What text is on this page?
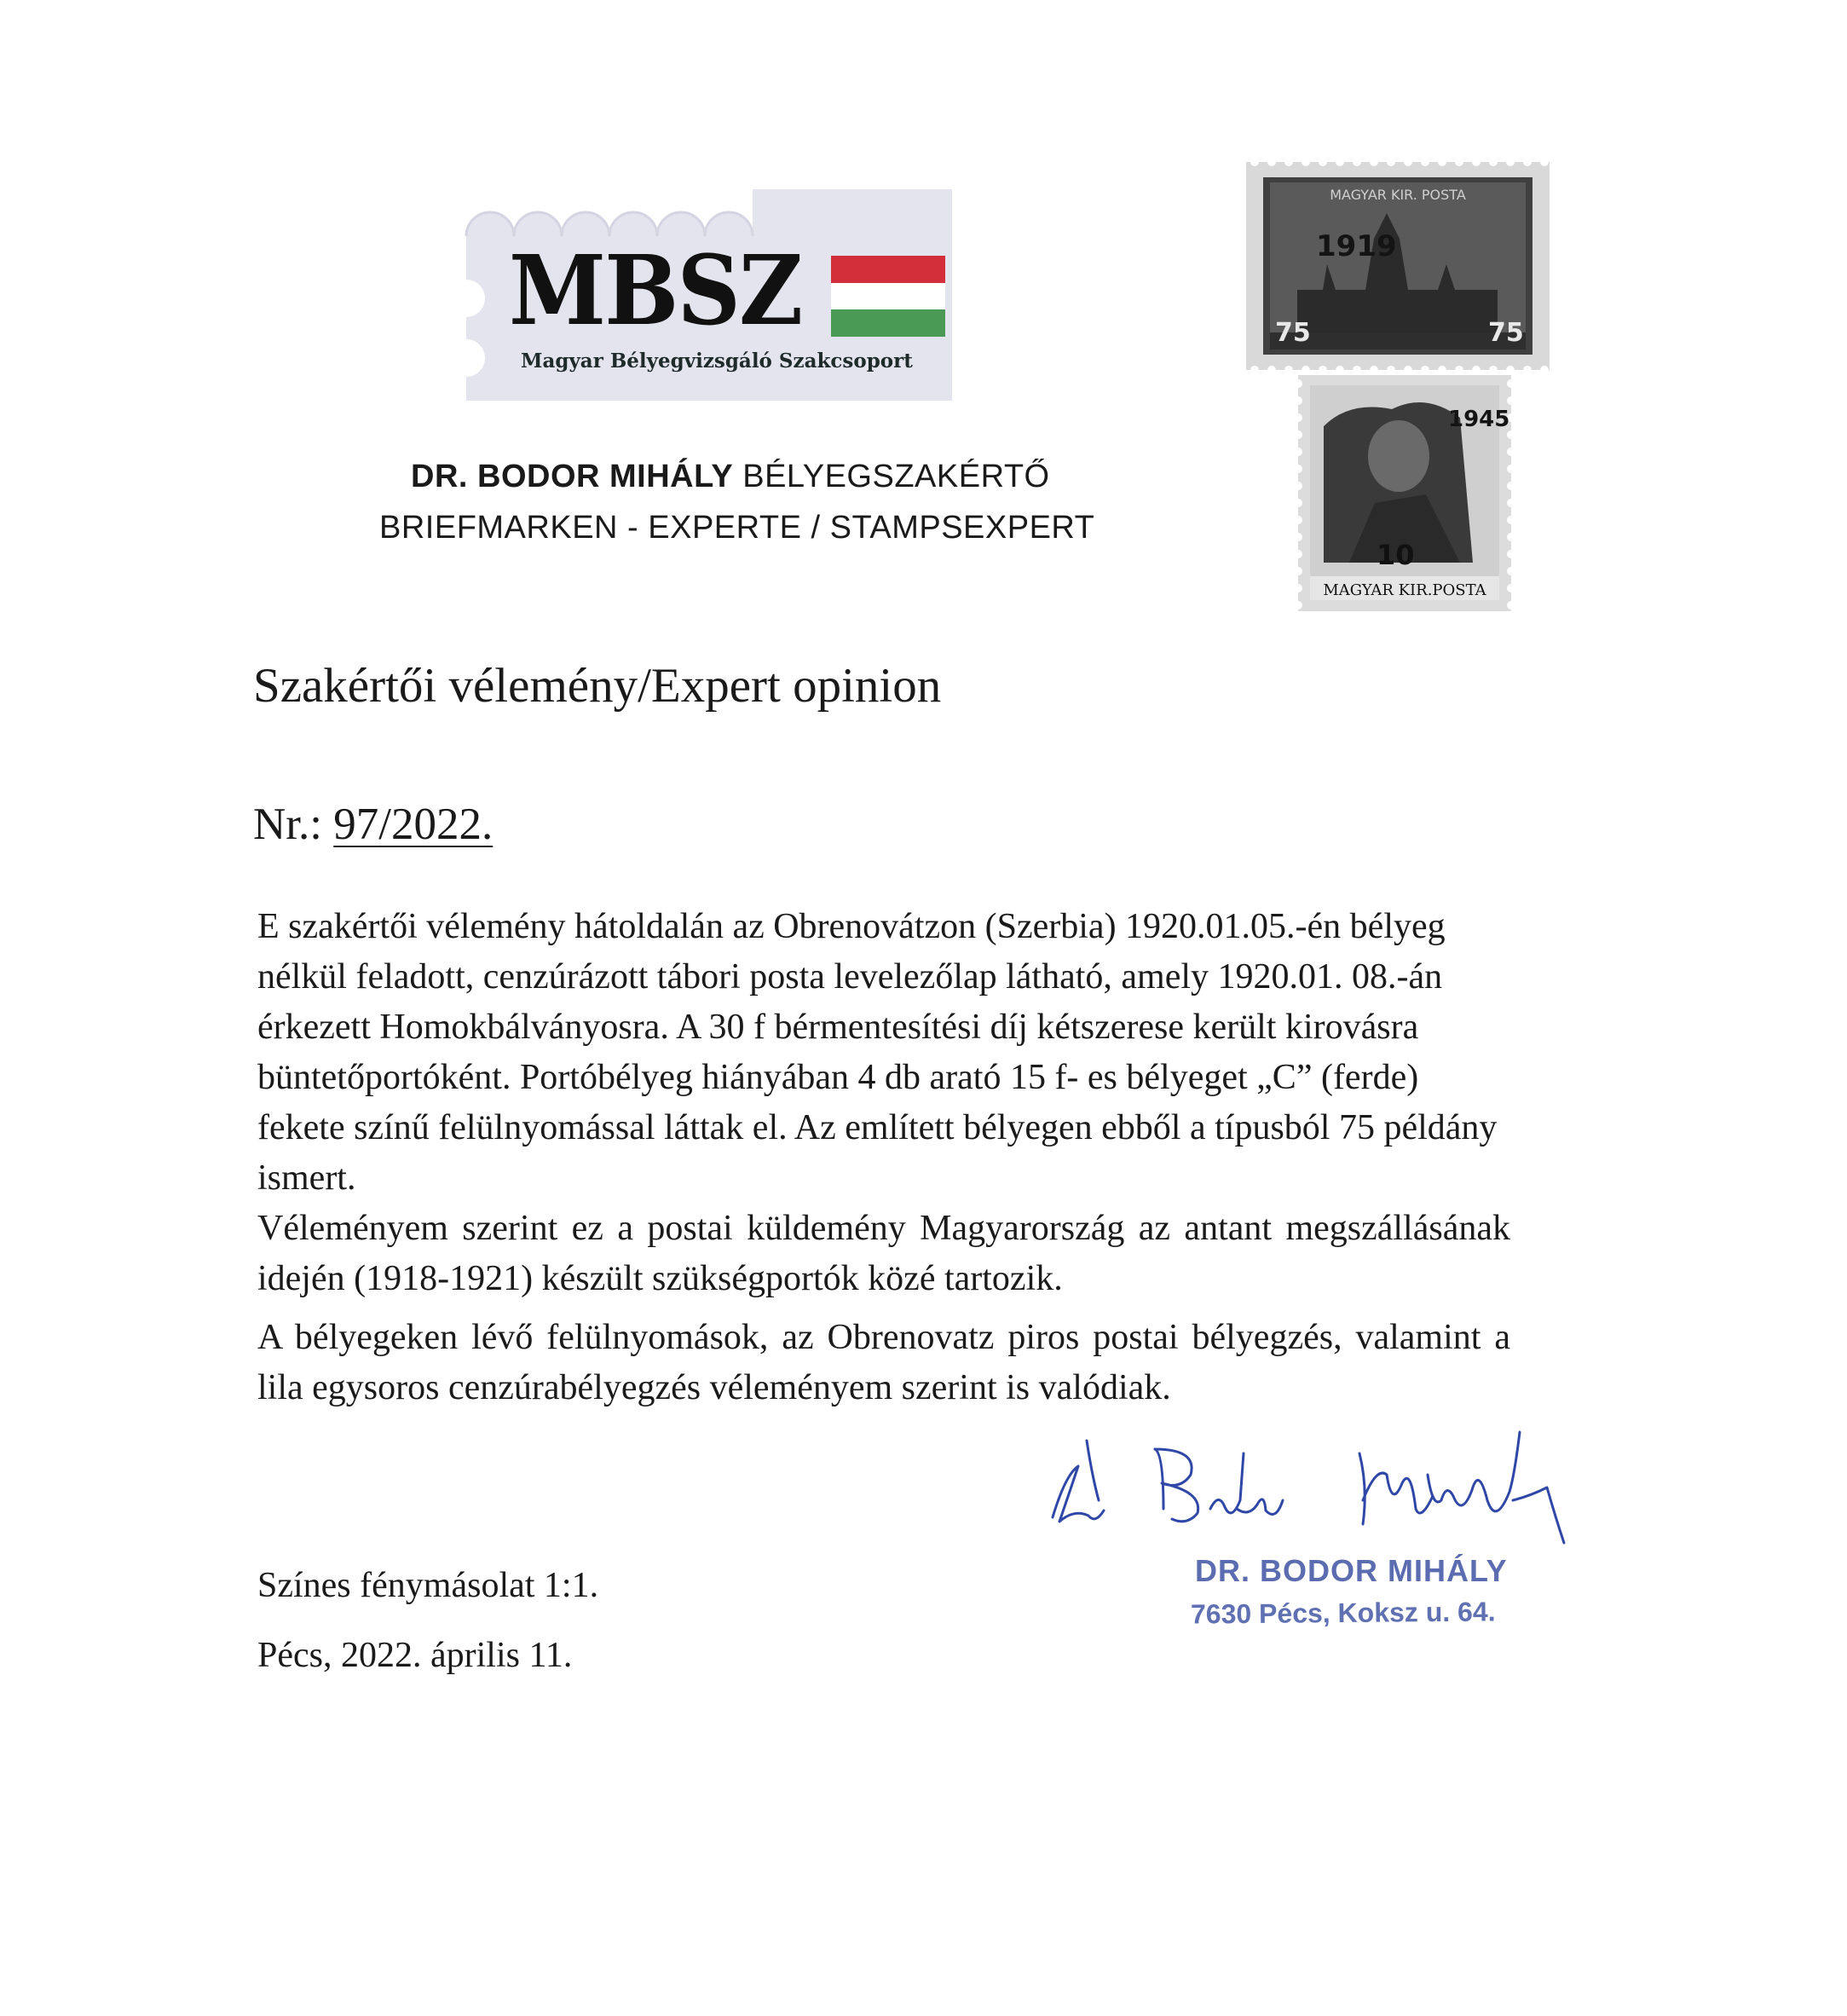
MBSZ
Magyar Bélyegvizsgáló Szakcsoport
DR. BODOR MIHÁLY BÉLYEGSZAKÉRTŐ
BRIEFMARKEN - EXPERTE / STAMPSEXPERT
MAGYAR KIR. POSTA
1919
75	75
1945
10
MAGYAR KIR.POSTA
Szakértői vélemény/Expert opinion
Nr.: 97/2022.

E szakértői vélemény hátoldalán az Obrenovátzon (Szerbia) 1920.01.05.-én bélyeg nélkül feladott, cenzúrázott tábori posta levelezőlap látható, amely 1920.01. 08.-án érkezett Homokbálványosra. A 30 f bérmentesítési díj kétszerese került kirovásra büntetőportóként. Portóbélyeg hiányában 4 db arató 15 f- es bélyeget „C” (ferde) fekete színű felülnyomással láttak el. Az említett bélyegen ebből a típusból 75 példány ismert.

Véleményem szerint ez a postai küldemény Magyarország az antant megszállásának idején (1918-1921) készült szükségportók közé tartozik.

A bélyegeken lévő felülnyomások, az Obrenovatz piros postai bélyegzés, valamint a lila egysoros cenzúrabélyegzés véleményem szerint is valódiak.

Színes fénymásolat 1:1.
Pécs, 2022. április 11.
DR. BODOR MIHÁLY
7630 Pécs, Koksz u. 64.
